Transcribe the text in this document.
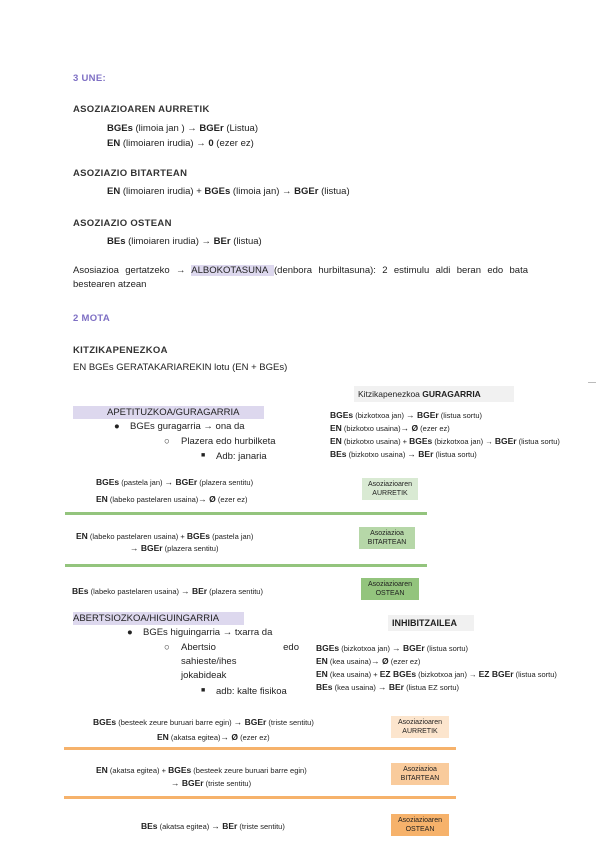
3 UNE:
ASOZIAZIOAREN AURRETIK
BGEs (limoia jan ) → BGEr (Listua)
EN (limoiaren irudia) → 0 (ezer ez)
ASOZIAZIO BITARTEAN
EN (limoiaren irudia) + BGEs (limoia jan) → BGEr (listua)
ASOZIAZIO OSTEAN
BEs (limoiaren irudia) → BEr (listua)
Asosiazioa gertatzeko → ALBOKOTASUNA (denbora hurbiltasuna): 2 estimulu aldi beran edo bata bestearen atzean
2 MOTA
KITZIKAPENEZKOA
EN BGEs GERATAKARIAREKIN lotu (EN + BGEs)
Kitzikapenezkoa GURAGARRIA
BGEs (bizkotxoa jan) → BGEr (listua sortu)
EN (bizkotxo usaina)→ Ø (ezer ez)
EN (bizkotxo usaina) + BGEs (bizkotxoa jan) → BGEr (listua sortu)
BEs (bizkotxo usaina) → BEr (listua sortu)
APETITUZKOA/GURAGARRIA
● BGEs guragarria → ona da
○ Plazera edo hurbilketa
■ Adb: janaria
BGEs (pastela jan) → BGEr (plazera sentitu)
EN (labeko pastelaren usaina)→ Ø (ezer ez)
Asoziazioaren AURRETIK
EN (labeko pastelaren usaina) + BGEs (pastela jan)
→ BGEr (plazera sentitu)
Asoziazioa BITARTEAN
BEs (labeko pastelaren usaina) → BEr (plazera sentitu)
Asoziazioaren OSTEAN
ABERTSIOZKOA/HIGUINGARRIA
● BGEs higuingarria → txarra da
○ Abertsio	edo
sahieste/ihes
jokabideak
■ adb: kalte fisikoa
INHIBITZAILEA
BGEs (bizkotxoa jan) → BGEr (listua sortu)
EN (kea usaina)→ Ø (ezer ez)
EN (kea usaina) + EZ BGEs (bizkotxoa jan) → EZ BGEr (listua sortu)
BEs (kea usaina) → BEr (listua EZ sortu)
BGEs (besteek zeure buruari barre egin) → BGEr (triste sentitu)
EN (akatsa egitea)→ Ø (ezer ez)
Asoziazioaren AURRETIK
EN (akatsa egitea) + BGEs (besteek zeure buruari barre egin)
→ BGEr (triste sentitu)
Asoziazioa BITARTEAN
BEs (akatsa egitea) → BEr (triste sentitu)
Asoziazioaren OSTEAN
